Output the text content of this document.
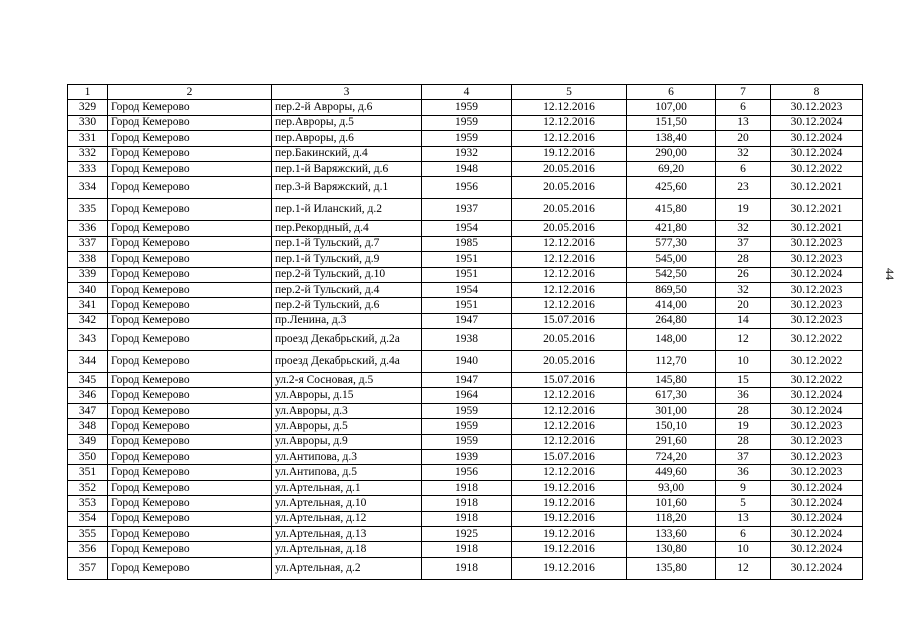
44
1	2	3	4	5	6	7	8
329	Город Кемерово	пер.2-й Авроры, д.6	1959	12.12.2016	107,00	6	30.12.2023
330	Город Кемерово	пер.Авроры, д.5	1959	12.12.2016	151,50	13	30.12.2024
331	Город Кемерово	пер.Авроры, д.6	1959	12.12.2016	138,40	20	30.12.2024
332	Город Кемерово	пер.Бакинский, д.4	1932	19.12.2016	290,00	32	30.12.2024
333	Город Кемерово	пер.1-й Варяжский, д.6	1948	20.05.2016	69,20	6	30.12.2022
334	Город Кемерово	пер.3-й Варяжский, д.1	1956	20.05.2016	425,60	23	30.12.2021
335	Город Кемерово	пер.1-й Иланский, д.2	1937	20.05.2016	415,80	19	30.12.2021
336	Город Кемерово	пер.Рекордный, д.4	1954	20.05.2016	421,80	32	30.12.2021
337	Город Кемерово	пер.1-й Тульский, д.7	1985	12.12.2016	577,30	37	30.12.2023
338	Город Кемерово	пер.1-й Тульский, д.9	1951	12.12.2016	545,00	28	30.12.2023
339	Город Кемерово	пер.2-й Тульский, д.10	1951	12.12.2016	542,50	26	30.12.2024
340	Город Кемерово	пер.2-й Тульский, д.4	1954	12.12.2016	869,50	32	30.12.2023
341	Город Кемерово	пер.2-й Тульский, д.6	1951	12.12.2016	414,00	20	30.12.2023
342	Город Кемерово	пр.Ленина, д.3	1947	15.07.2016	264,80	14	30.12.2023
343	Город Кемерово	проезд Декабрьский, д.2а	1938	20.05.2016	148,00	12	30.12.2022
344	Город Кемерово	проезд Декабрьский, д.4а	1940	20.05.2016	112,70	10	30.12.2022
345	Город Кемерово	ул.2-я Сосновая, д.5	1947	15.07.2016	145,80	15	30.12.2022
346	Город Кемерово	ул.Авроры, д.15	1964	12.12.2016	617,30	36	30.12.2024
347	Город Кемерово	ул.Авроры, д.3	1959	12.12.2016	301,00	28	30.12.2024
348	Город Кемерово	ул.Авроры, д.5	1959	12.12.2016	150,10	19	30.12.2023
349	Город Кемерово	ул.Авроры, д.9	1959	12.12.2016	291,60	28	30.12.2023
350	Город Кемерово	ул.Антипова, д.3	1939	15.07.2016	724,20	37	30.12.2023
351	Город Кемерово	ул.Антипова, д.5	1956	12.12.2016	449,60	36	30.12.2023
352	Город Кемерово	ул.Артельная, д.1	1918	19.12.2016	93,00	9	30.12.2024
353	Город Кемерово	ул.Артельная, д.10	1918	19.12.2016	101,60	5	30.12.2024
354	Город Кемерово	ул.Артельная, д.12	1918	19.12.2016	118,20	13	30.12.2024
355	Город Кемерово	ул.Артельная, д.13	1925	19.12.2016	133,60	6	30.12.2024
356	Город Кемерово	ул.Артельная, д.18	1918	19.12.2016	130,80	10	30.12.2024
357	Город Кемерово	ул.Артельная, д.2	1918	19.12.2016	135,80	12	30.12.2024
